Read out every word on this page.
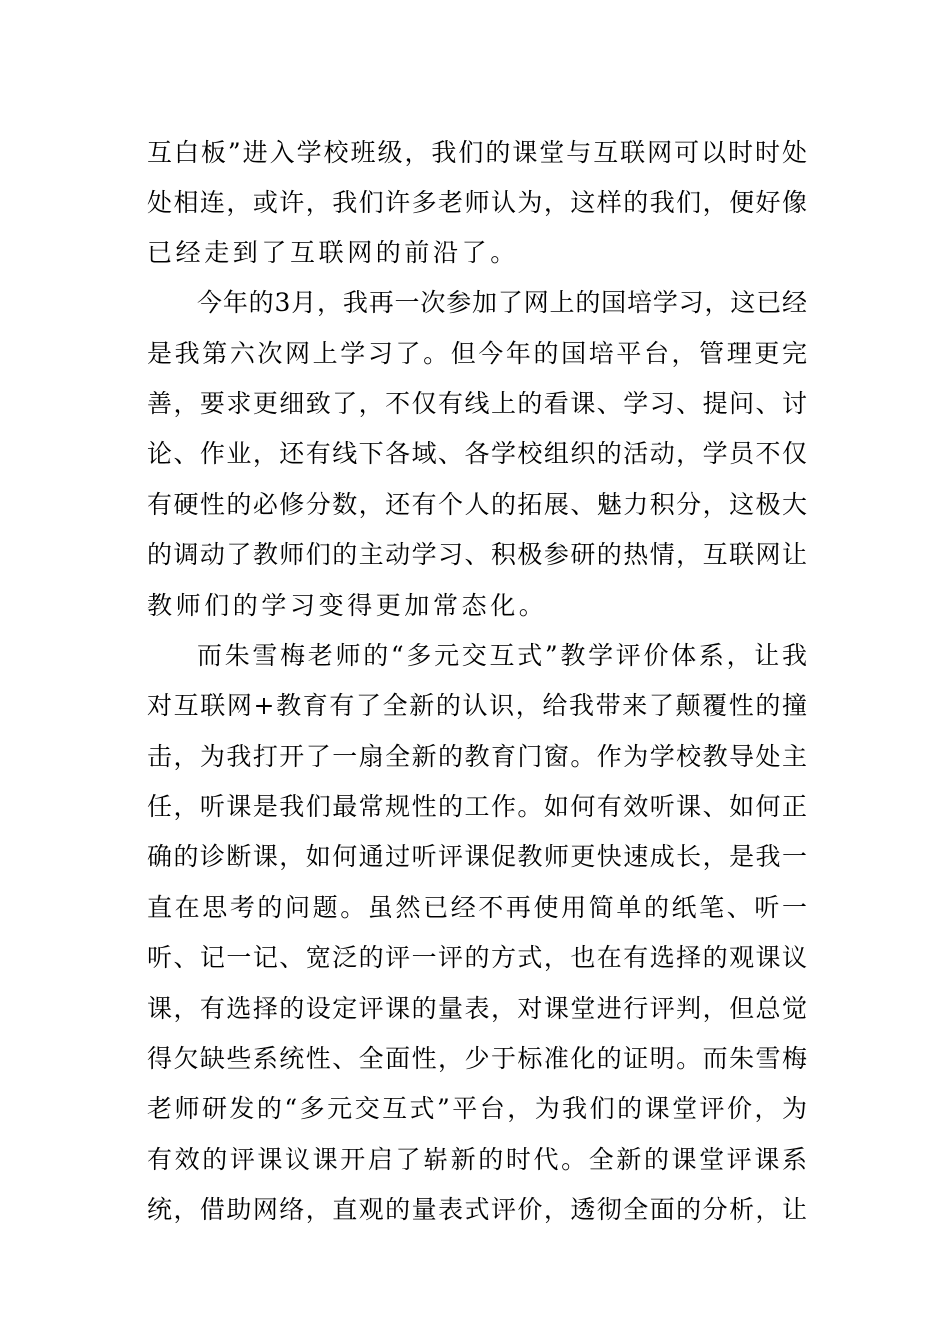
互白板”进入学校班级，我们的课堂与互联网可以时时处
处相连，或许，我们许多老师认为，这样的我们，便好像
已经走到了互联网的前沿了。
今年的3月，我再一次参加了网上的国培学习，这已经
是我第六次网上学习了。但今年的国培平台，管理更完
善，要求更细致了，不仅有线上的看课、学习、提问、讨
论、作业，还有线下各域、各学校组织的活动，学员不仅
有硬性的必修分数，还有个人的拓展、魅力积分，这极大
的调动了教师们的主动学习、积极参研的热情，互联网让
教师们的学习变得更加常态化。
而朱雪梅老师的“多元交互式”教学评价体系，让我
对互联网+教育有了全新的认识，给我带来了颠覆性的撞
击，为我打开了一扇全新的教育门窗。作为学校教导处主
任，听课是我们最常规性的工作。如何有效听课、如何正
确的诊断课，如何通过听评课促教师更快速成长，是我一
直在思考的问题。虽然已经不再使用简单的纸笔、听一
听、记一记、宽泛的评一评的方式，也在有选择的观课议
课，有选择的设定评课的量表，对课堂进行评判，但总觉
得欠缺些系统性、全面性，少于标准化的证明。而朱雪梅
老师研发的“多元交互式”平台，为我们的课堂评价，为
有效的评课议课开启了崭新的时代。全新的课堂评课系
统，借助网络，直观的量表式评价，透彻全面的分析，让
